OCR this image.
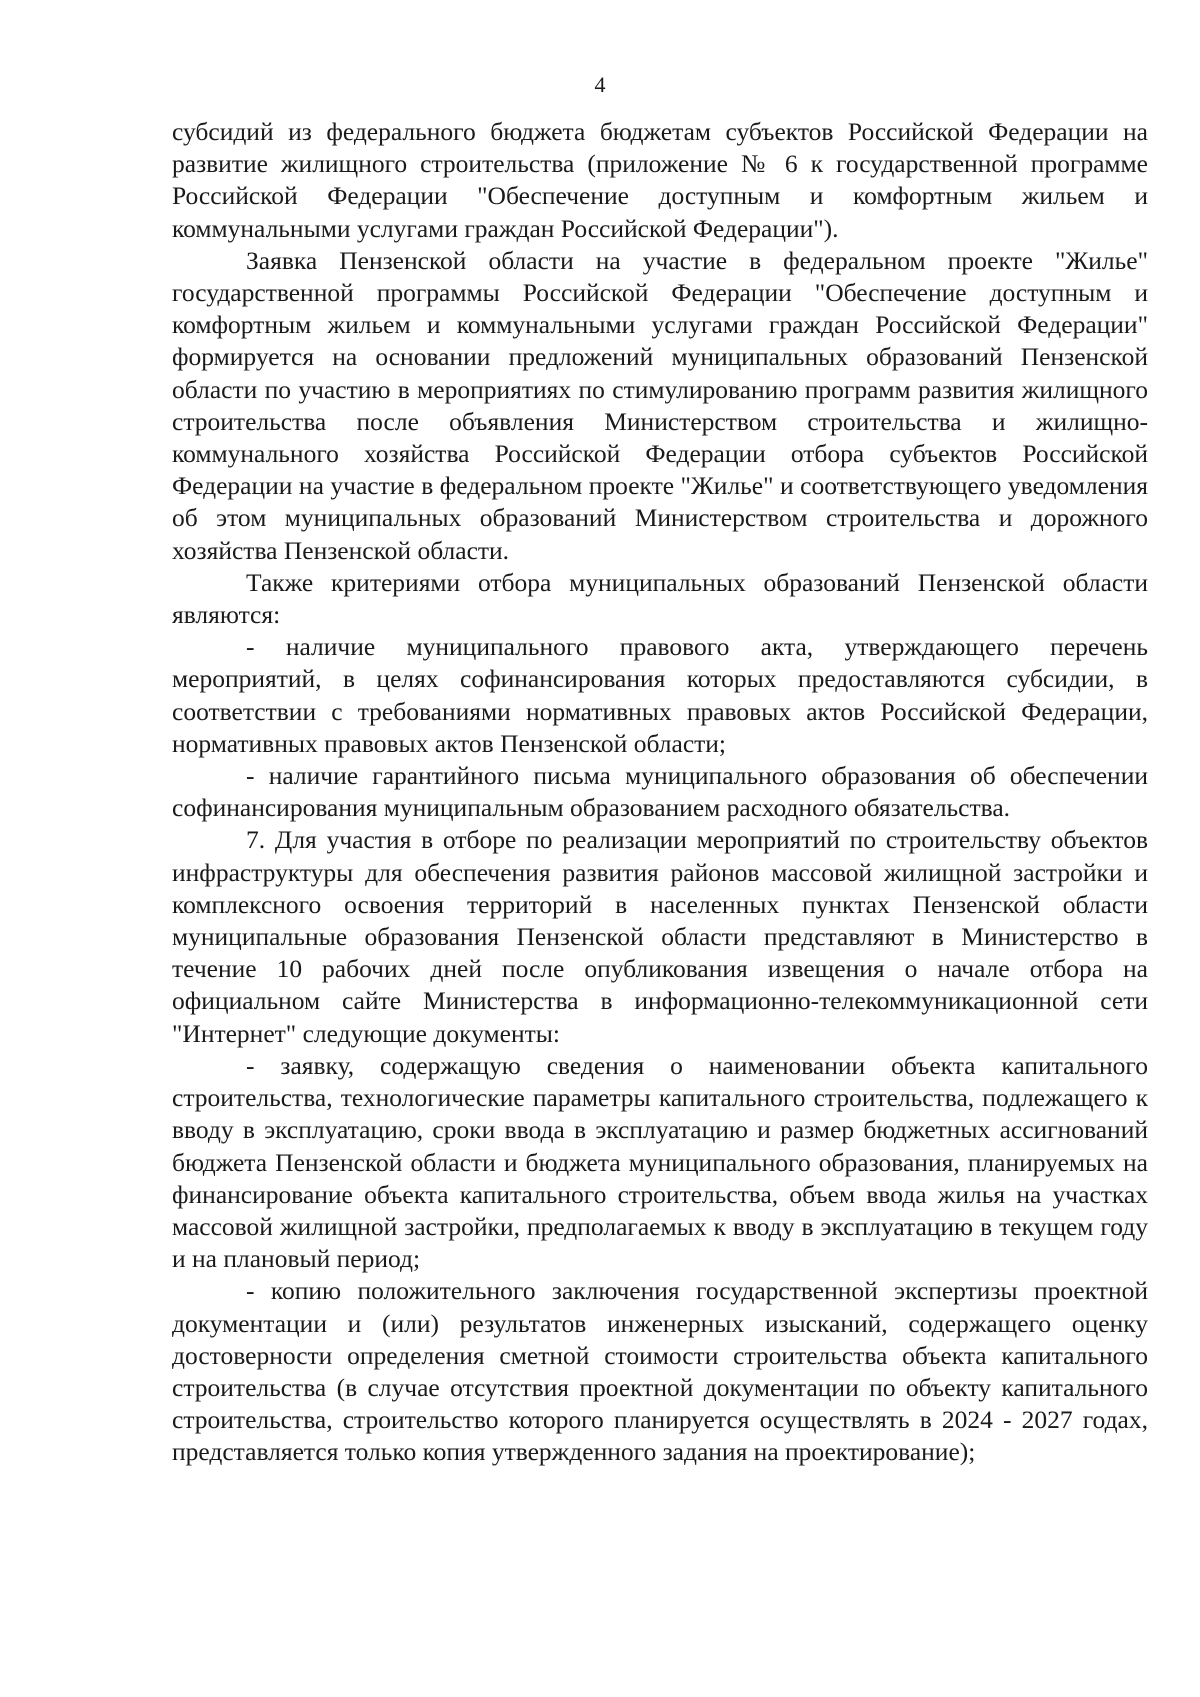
4

субсидий из федерального бюджета бюджетам субъектов Российской Федерации на развитие жилищного строительства (приложение № 6 к государственной программе Российской Федерации "Обеспечение доступным и комфортным жильем и коммунальными услугами граждан Российской Федерации").

Заявка Пензенской области на участие в федеральном проекте "Жилье" государственной программы Российской Федерации "Обеспечение доступным и комфортным жильем и коммунальными услугами граждан Российской Федерации" формируется на основании предложений муниципальных образований Пензенской области по участию в мероприятиях по стимулированию программ развития жилищного строительства после объявления Министерством строительства и жилищно-коммунального хозяйства Российской Федерации отбора субъектов Российской Федерации на участие в федеральном проекте "Жилье" и соответствующего уведомления об этом муниципальных образований Министерством строительства и дорожного хозяйства Пензенской области.

Также критериями отбора муниципальных образований Пензенской области являются:

- наличие муниципального правового акта, утверждающего перечень мероприятий, в целях софинансирования которых предоставляются субсидии, в соответствии с требованиями нормативных правовых актов Российской Федерации, нормативных правовых актов Пензенской области;

- наличие гарантийного письма муниципального образования об обеспечении софинансирования муниципальным образованием расходного обязательства.

7. Для участия в отборе по реализации мероприятий по строительству объектов инфраструктуры для обеспечения развития районов массовой жилищной застройки и комплексного освоения территорий в населенных пунктах Пензенской области муниципальные образования Пензенской области представляют в Министерство в течение 10 рабочих дней после опубликования извещения о начале отбора на официальном сайте Министерства в информационно-телекоммуникационной сети "Интернет" следующие документы:

- заявку, содержащую сведения о наименовании объекта капитального строительства, технологические параметры капитального строительства, подлежащего к вводу в эксплуатацию, сроки ввода в эксплуатацию и размер бюджетных ассигнований бюджета Пензенской области и бюджета муниципального образования, планируемых на финансирование объекта капитального строительства, объем ввода жилья на участках массовой жилищной застройки, предполагаемых к вводу в эксплуатацию в текущем году и на плановый период;

- копию положительного заключения государственной экспертизы проектной документации и (или) результатов инженерных изысканий, содержащего оценку достоверности определения сметной стоимости строительства объекта капитального строительства (в случае отсутствия проектной документации по объекту капитального строительства, строительство которого планируется осуществлять в 2024 - 2027 годах, представляется только копия утвержденного задания на проектирование);
